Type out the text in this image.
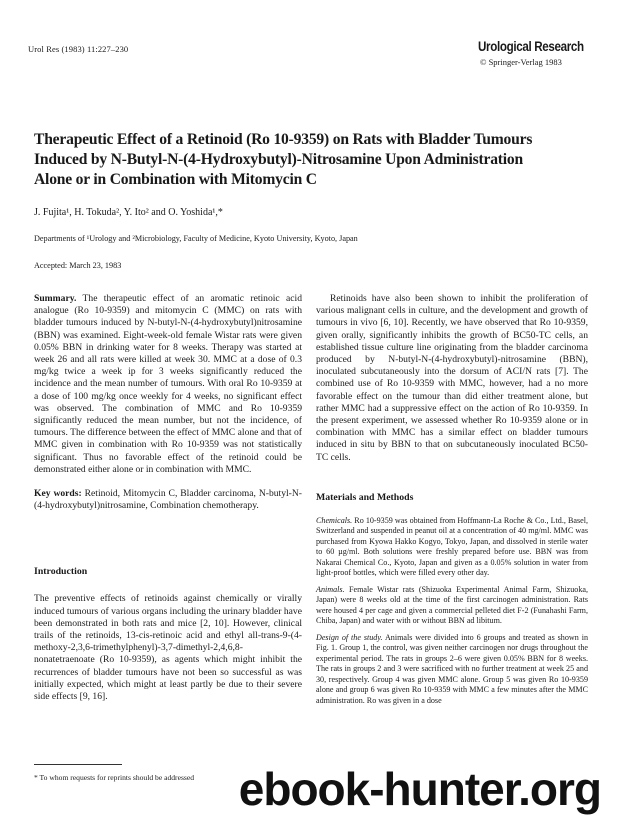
Urol Res (1983) 11:227–230	Urological Research
© Springer-Verlag 1983
Therapeutic Effect of a Retinoid (Ro 10-9359) on Rats with Bladder Tumours
Induced by N-Butyl-N-(4-Hydroxybutyl)-Nitrosamine Upon Administration
Alone or in Combination with Mitomycin C
J. Fujita¹, H. Tokuda², Y. Ito² and O. Yoshida¹,*
Departments of ¹Urology and ²Microbiology, Faculty of Medicine, Kyoto University, Kyoto, Japan
Accepted: March 23, 1983

Summary. The therapeutic effect of an aromatic retinoic acid analogue (Ro 10-9359) and mitomycin C (MMC) on rats with bladder tumours induced by N-butyl-N-(4-hydroxybutyl)nitrosamine (BBN) was examined. Eight-week-old female Wistar rats were given 0.05% BBN in drinking water for 8 weeks. Therapy was started at week 26 and all rats were killed at week 30. MMC at a dose of 0.3 mg/kg twice a week ip for 3 weeks significantly reduced the incidence and the mean number of tumours. With oral Ro 10-9359 at a dose of 100 mg/kg once weekly for 4 weeks, no significant effect was observed. The combination of MMC and Ro 10-9359 significantly reduced the mean number, but not the incidence, of tumours. The difference between the effect of MMC alone and that of MMC given in combination with Ro 10-9359 was not statistically significant. Thus no favorable effect of the retinoid could be demonstrated either alone or in combination with MMC.

Key words: Retinoid, Mitomycin C, Bladder carcinoma, N-butyl-N-(4-hydroxybutyl)nitrosamine, Combination chemotherapy.

Introduction

The preventive effects of retinoids against chemically or virally induced tumours of various organs including the urinary bladder have been demonstrated in both rats and mice [2, 10]. However, clinical trails of the retinoids, 13-cis-retinoic acid and ethyl all-trans-9-(4-methoxy-2,3,6-trimethylphenyl)-3,7-dimethyl-2,4,6,8-nonatetraenoate (Ro 10-9359), as agents which might inhibit the recurrences of bladder tumours have not been so successful as was initially expected, which might at least partly be due to their severe side effects [9, 16].

* To whom requests for reprints should be addressed

Retinoids have also been shown to inhibit the proliferation of various malignant cells in culture, and the development and growth of tumours in vivo [6, 10]. Recently, we have observed that Ro 10-9359, given orally, significantly inhibits the growth of BC50-TC cells, an established tissue culture line originating from the bladder carcinoma produced by N-butyl-N-(4-hydroxybutyl)-nitrosamine (BBN), inoculated subcutaneously into the dorsum of ACI/N rats [7]. The combined use of Ro 10-9359 with MMC, however, had a no more favorable effect on the tumour than did either treatment alone, but rather MMC had a suppressive effect on the action of Ro 10-9359. In the present experiment, we assessed whether Ro 10-9359 alone or in combination with MMC has a similar effect on bladder tumours induced in situ by BBN to that on subcutaneously inoculated BC50-TC cells.

Materials and Methods

Chemicals. Ro 10-9359 was obtained from Hoffmann-La Roche & Co., Ltd., Basel, Switzerland and suspended in peanut oil at a concentration of 40 mg/ml. MMC was purchased from Kyowa Hakko Kogyo, Tokyo, Japan, and dissolved in sterile water to 60 µg/ml. Both solutions were freshly prepared before use. BBN was from Nakarai Chemical Co., Kyoto, Japan and given as a 0.05% solution in water from light-proof bottles, which were filled every other day.

Animals. Female Wistar rats (Shizuoka Experimental Animal Farm, Shizuoka, Japan) were 8 weeks old at the time of the first carcinogen administration. Rats were housed 4 per cage and given a commercial pelleted diet F-2 (Funahashi Farm, Chiba, Japan) and water with or without BBN ad libitum.

Design of the study. Animals were divided into 6 groups and treated as shown in Fig. 1. Group 1, the control, was given neither carcinogen nor drugs throughout the experimental period. The rats in groups 2–6 were given 0.05% BBN for 8 weeks. The rats in groups 2 and 3 were sacrificed with no further treatment at week 25 and 30, respectively. Group 4 was given MMC alone. Group 5 was given Ro 10-9359 alone and group 6 was given Ro 10-9359 with MMC a few minutes after the MMC administration. Ro was given in a dose

ebook-hunter.org
